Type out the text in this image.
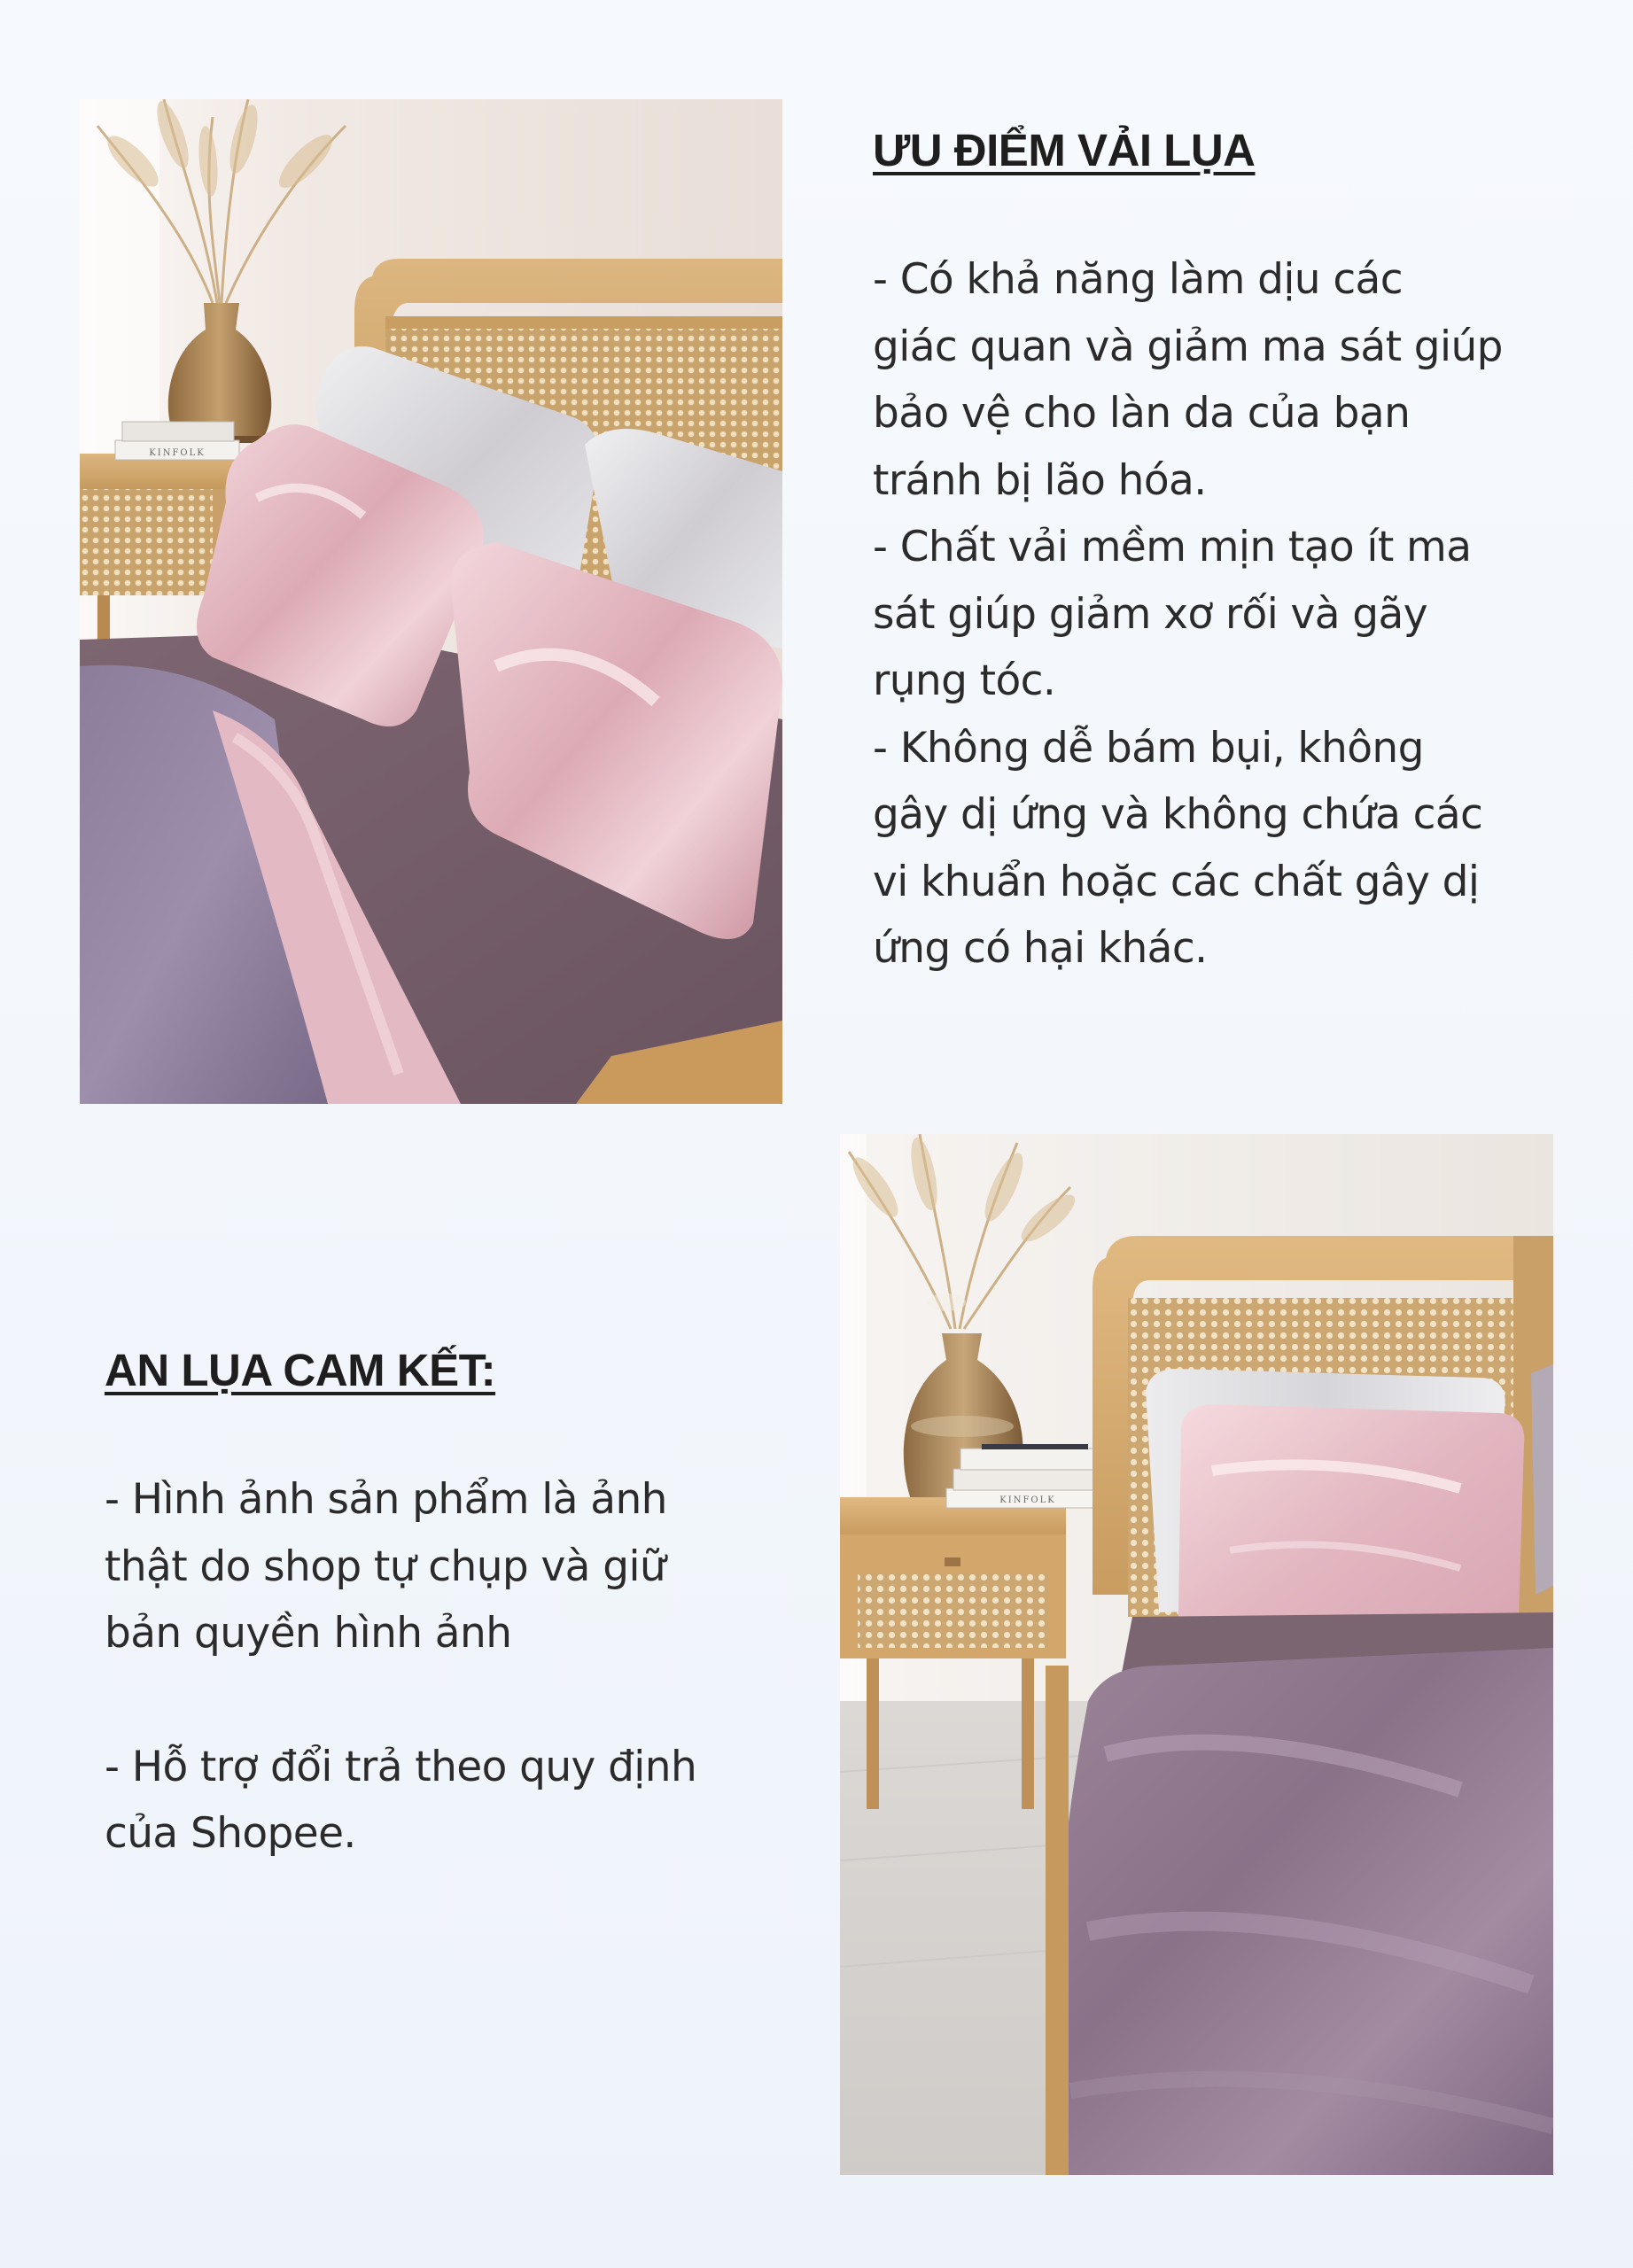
KINFOLK
ƯU ĐIỂM VẢI LỤA
- Có khả năng làm dịu các
giác quan và giảm ma sát giúp
bảo vệ cho làn da của bạn
tránh bị lão hóa.
- Chất vải mềm mịn tạo ít ma
sát giúp giảm xơ rối và gãy
rụng tóc.
- Không dễ bám bụi, không
gây dị ứng và không chứa các
vi khuẩn hoặc các chất gây dị
ứng có hại khác.
AN LỤA CAM KẾT:
- Hình ảnh sản phẩm là ảnh
thật do shop tự chụp và giữ
bản quyền hình ảnh
- Hỗ trợ đổi trả theo quy định
của Shopee.
KINFOLK
